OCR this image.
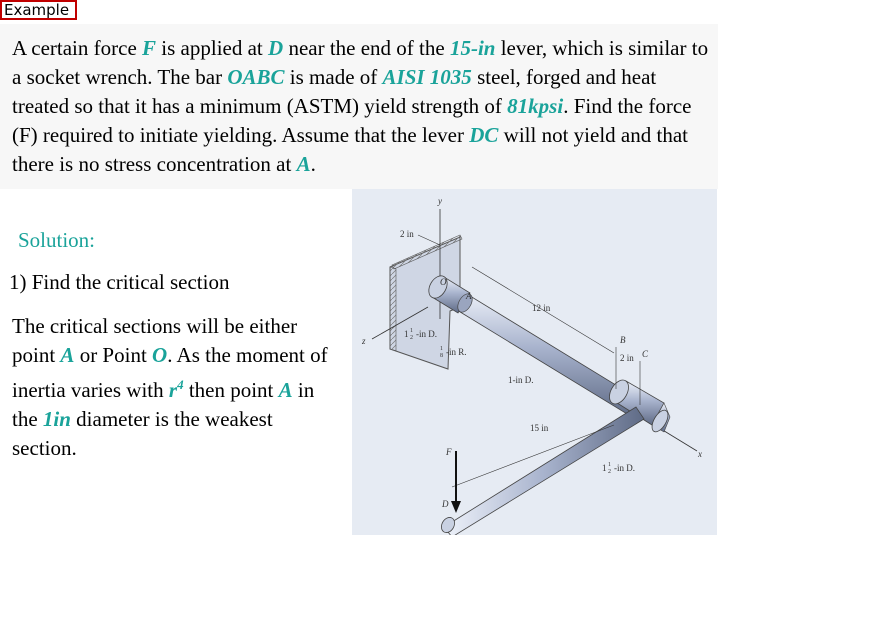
Example

A certain force F is applied at D near the end of the 15-in lever, which is similar to a socket wrench. The bar OABC is made of AISI 1035 steel, forged and heat treated so that it has a minimum (ASTM) yield strength of 81kpsi. Find the force (F) required to initiate yielding. Assume that the lever DC will not yield and that there is no stress concentration at A.

Solution:
1) Find the critical section

The critical sections will be either point A or Point O. As the moment of inertia varies with $r^4$ then point A in the 1in diameter is the weakest section.

y
z
x
2 in
O
A
12 in
1 1
2 -in D.
1
8 -in R.
1-in D.
B
C
2 in
15 in
1 1
2 -in D.
F
D
